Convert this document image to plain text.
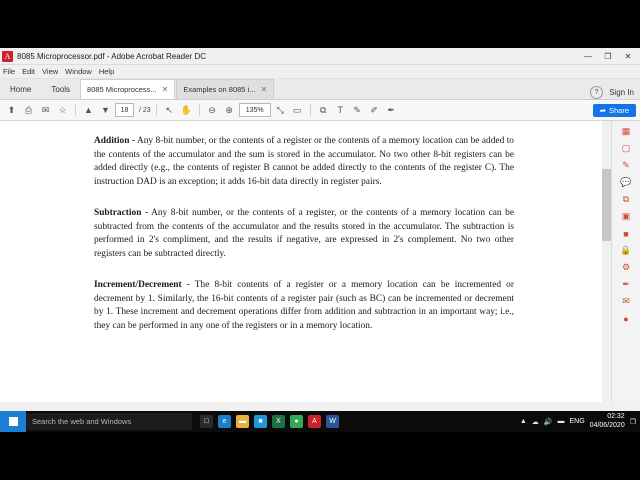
A 8085 Microprocessor.pdf - Adobe Acrobat Reader DC	—	❐	✕
File Edit View Window Help
Home	Tools	8085 Microprocess... ✕ Examples on 8085 i... ✕	?	Sign In
⬆	⎙	✉	☆	▲ ▼	18	/ 23	↖ ✋	⊖	⊕	135%	⤡	▭	⧉	T	✎	✐	✒	➦ Share
Addition - Any 8-bit number, or the contents of a register or the contents of a memory location can be added to the contents of the accumulator and the sum is stored in the accumulator. No two other 8-bit registers can be added directly (e.g., the contents of register B cannot be added directly to the contents of the register C). The instruction DAD is an exception; it adds 16-bit data directly in register pairs.
Subtraction - Any 8-bit number, or the contents of a register, or the contents of a memory location can be subtracted from the contents of the accumulator and the results stored in the accumulator. The subtraction is performed in 2's compliment, and the results if negative, are expressed in 2's complement. No two other registers can be subtracted directly.
Increment/Decrement - The 8-bit contents of a register or a memory location can be incremented or decrement by 1. Similarly, the 16-bit contents of a register pair (such as BC) can be incremented or decrement by 1. These increment and decrement operations differ from addition and subtraction in an important way; i.e., they can be performed in any one of the registers or in a memory location.
▦
▢
✎
💬
⧉
▣
■
🔒
⚙
✒
✉
●
Search the web and Windows	□	e	▬	■	X	●	A	W	▲ ☁ 🔊 ▬ ENG
02:32
04/06/2020 ❐
